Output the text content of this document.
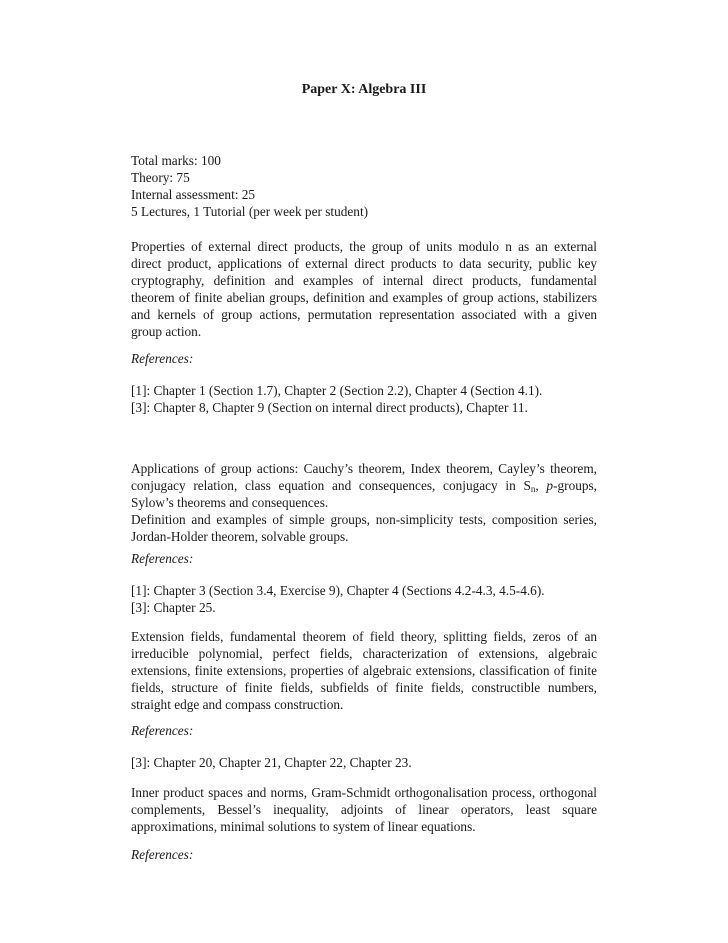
Paper X: Algebra III
Total marks: 100
Theory: 75
Internal assessment: 25
5 Lectures, 1 Tutorial (per week per student)

Properties of external direct products, the group of units modulo n as an external
direct product, applications of external direct products to data security, public key
cryptography, definition and examples of internal direct products, fundamental
theorem of finite abelian groups, definition and examples of group actions, stabilizers
and kernels of group actions, permutation representation associated with a given
group action.

References:
[1]: Chapter 1 (Section 1.7), Chapter 2 (Section 2.2), Chapter 4 (Section 4.1).
[3]: Chapter 8, Chapter 9 (Section on internal direct products), Chapter 11.

Applications of group actions: Cauchy’s theorem, Index theorem, Cayley’s theorem,
conjugacy relation, class equation and consequences, conjugacy in $S_n$, p-groups,
Sylow’s theorems and consequences.
Definition and examples of simple groups, non-simplicity tests, composition series,
Jordan-Holder theorem, solvable groups.

References:
[1]: Chapter 3 (Section 3.4, Exercise 9), Chapter 4 (Sections 4.2-4.3, 4.5-4.6).
[3]: Chapter 25.

Extension fields, fundamental theorem of field theory, splitting fields, zeros of an
irreducible polynomial, perfect fields, characterization of extensions, algebraic
extensions, finite extensions, properties of algebraic extensions, classification of finite
fields, structure of finite fields, subfields of finite fields, constructible numbers,
straight edge and compass construction.

References:
[3]: Chapter 20, Chapter 21, Chapter 22, Chapter 23.

Inner product spaces and norms, Gram-Schmidt orthogonalisation process, orthogonal
complements, Bessel’s inequality, adjoints of linear operators, least square
approximations, minimal solutions to system of linear equations.

References:
